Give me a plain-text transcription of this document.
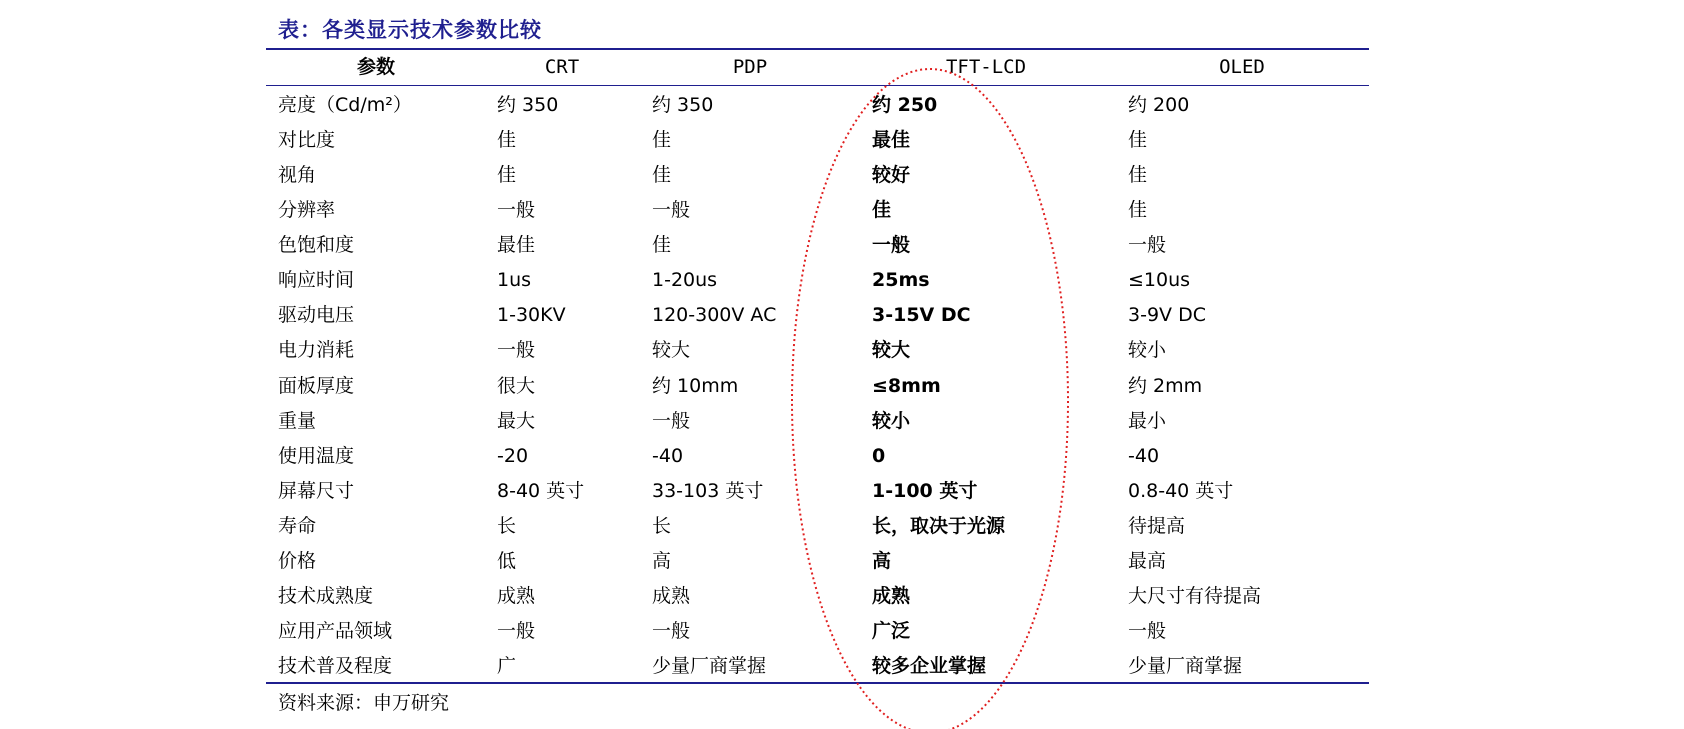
表：各类显示技术参数比较
参数	CRT	PDP	TFT-LCD	OLED
亮度（Cd/m²）	约 350	约 350	约 250	约 200
对比度	佳	佳	最佳	佳
视角	佳	佳	较好	佳
分辨率	一般	一般	佳	佳
色饱和度	最佳	佳	一般	一般
响应时间	1us	1-20us	25ms	≤10us
驱动电压	1-30KV	120-300V AC	3-15V DC	3-9V DC
电力消耗	一般	较大	较大	较小
面板厚度	很大	约 10mm	≤8mm	约 2mm
重量	最大	一般	较小	最小
使用温度	-20	-40	0	-40
屏幕尺寸	8-40 英寸	33-103 英寸	1-100 英寸	0.8-40 英寸
寿命	长	长	长，取决于光源	待提高
价格	低	高	高	最高
技术成熟度	成熟	成熟	成熟	大尺寸有待提高
应用产品领域	一般	一般	广泛	一般
技术普及程度	广	少量厂商掌握	较多企业掌握	少量厂商掌握
资料来源：申万研究
